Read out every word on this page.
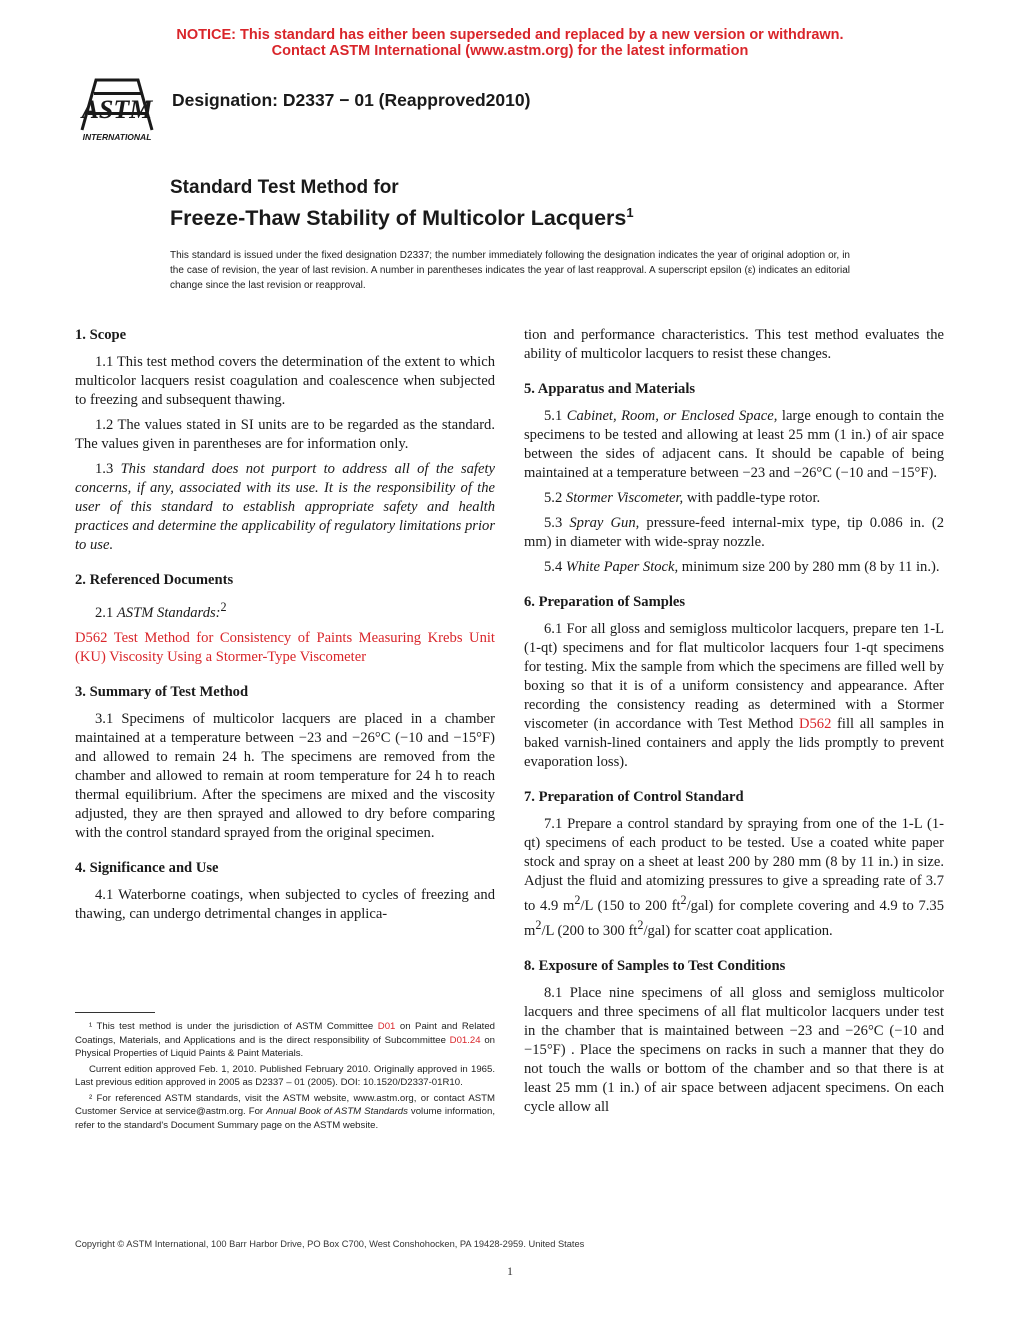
NOTICE: This standard has either been superseded and replaced by a new version or withdrawn.
Contact ASTM International (www.astm.org) for the latest information
ASTM
INTERNATIONAL
Designation: D2337 − 01 (Reapproved2010)
Standard Test Method for
Freeze-Thaw Stability of Multicolor Lacquers$^1$
This standard is issued under the fixed designation D2337; the number immediately following the designation indicates the year of original adoption or, in the case of revision, the year of last revision. A number in parentheses indicates the year of last reapproval. A superscript epsilon (ε) indicates an editorial change since the last revision or reapproval.
1. Scope

1.1 This test method covers the determination of the extent to which multicolor lacquers resist coagulation and coalescence when subjected to freezing and subsequent thawing.

1.2 The values stated in SI units are to be regarded as the standard. The values given in parentheses are for information only.

1.3 This standard does not purport to address all of the safety concerns, if any, associated with its use. It is the responsibility of the user of this standard to establish appropriate safety and health practices and determine the applicability of regulatory limitations prior to use.

2. Referenced Documents

2.1 ASTM Standards:$^2$

D562 Test Method for Consistency of Paints Measuring Krebs Unit (KU) Viscosity Using a Stormer-Type Viscometer

3. Summary of Test Method

3.1 Specimens of multicolor lacquers are placed in a chamber maintained at a temperature between −23 and −26°C (−10 and −15°F) and allowed to remain 24 h. The specimens are removed from the chamber and allowed to remain at room temperature for 24 h to reach thermal equilibrium. After the specimens are mixed and the viscosity adjusted, they are then sprayed and allowed to dry before comparing with the control standard sprayed from the original specimen.

4. Significance and Use

4.1 Waterborne coatings, when subjected to cycles of freezing and thawing, can undergo detrimental changes in applica-

¹ This test method is under the jurisdiction of ASTM Committee D01 on Paint and Related Coatings, Materials, and Applications and is the direct responsibility of Subcommittee D01.24 on Physical Properties of Liquid Paints & Paint Materials.

Current edition approved Feb. 1, 2010. Published February 2010. Originally approved in 1965. Last previous edition approved in 2005 as D2337 – 01 (2005). DOI: 10.1520/D2337-01R10.

² For referenced ASTM standards, visit the ASTM website, www.astm.org, or contact ASTM Customer Service at service@astm.org. For Annual Book of ASTM Standards volume information, refer to the standard's Document Summary page on the ASTM website.

tion and performance characteristics. This test method evaluates the ability of multicolor lacquers to resist these changes.

5. Apparatus and Materials

5.1 Cabinet, Room, or Enclosed Space, large enough to contain the specimens to be tested and allowing at least 25 mm (1 in.) of air space between the sides of adjacent cans. It should be capable of being maintained at a temperature between −23 and −26°C (−10 and −15°F).

5.2 Stormer Viscometer, with paddle-type rotor.

5.3 Spray Gun, pressure-feed internal-mix type, tip 0.086 in. (2 mm) in diameter with wide-spray nozzle.

5.4 White Paper Stock, minimum size 200 by 280 mm (8 by 11 in.).

6. Preparation of Samples

6.1 For all gloss and semigloss multicolor lacquers, prepare ten 1-L (1-qt) specimens and for flat multicolor lacquers four 1-qt specimens for testing. Mix the sample from which the specimens are filled well by boxing so that it is of a uniform consistency and appearance. After recording the consistency reading as determined with a Stormer viscometer (in accordance with Test Method D562 fill all samples in baked varnish-lined containers and apply the lids promptly to prevent evaporation loss).

7. Preparation of Control Standard

7.1 Prepare a control standard by spraying from one of the 1-L (1-qt) specimens of each product to be tested. Use a coated white paper stock and spray on a sheet at least 200 by 280 mm (8 by 11 in.) in size. Adjust the fluid and atomizing pressures to give a spreading rate of 3.7 to 4.9 $m^2/L$ (150 to 200 $ft^2/gal$) for complete covering and 4.9 to 7.35 $m^2/L$ (200 to 300 $ft^2/gal$) for scatter coat application.

8. Exposure of Samples to Test Conditions

8.1 Place nine specimens of all gloss and semigloss multicolor lacquers and three specimens of all flat multicolor lacquers under test in the chamber that is maintained between −23 and −26°C (−10 and −15°F) . Place the specimens on racks in such a manner that they do not touch the walls or bottom of the chamber and so that there is at least 25 mm (1 in.) of air space between adjacent specimens. On each cycle allow all

Copyright © ASTM International, 100 Barr Harbor Drive, PO Box C700, West Conshohocken, PA 19428-2959. United States
1
